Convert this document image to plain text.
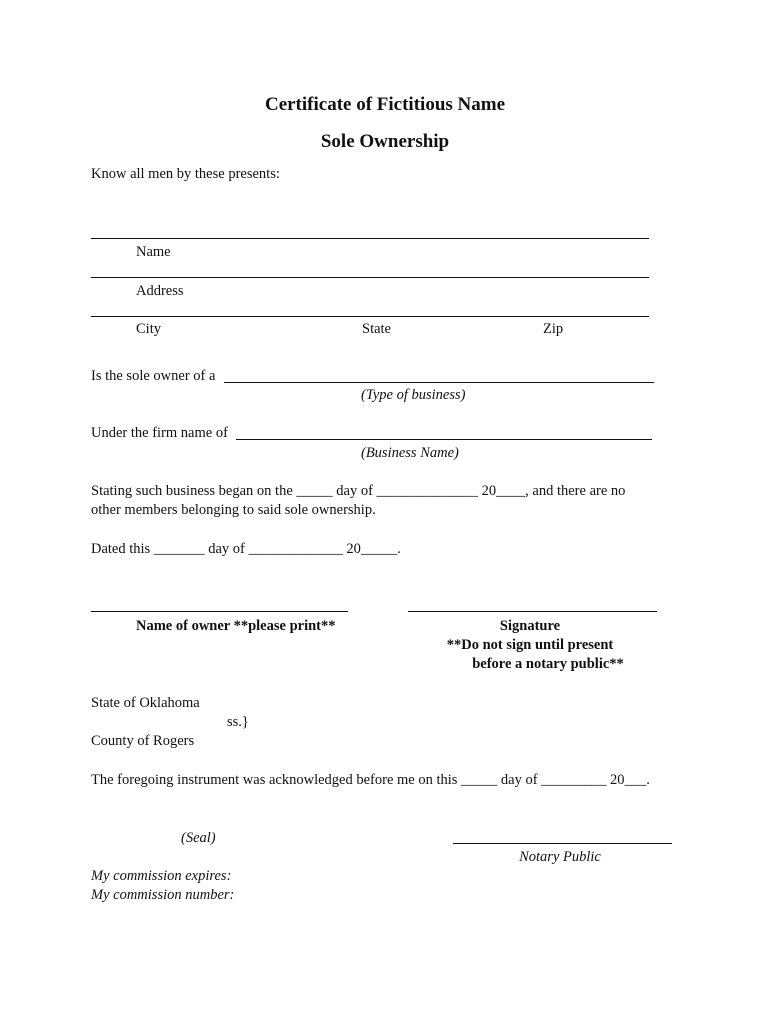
Certificate of Fictitious Name
Sole Ownership
Know all men by these presents:
Name
Address
City	State	Zip
Is the sole owner of a
(Type of business)
Under the firm name of
(Business Name)
Stating such business began on the _____ day of ______________ 20____, and there are no
other members belonging to said sole ownership.
Dated this _______ day of _____________ 20_____.
Name of owner **please print**	Signature
**Do not sign until present
before a notary public**
State of Oklahoma
ss.}
County of Rogers
The foregoing instrument was acknowledged before me on this _____ day of _________ 20___.
(Seal)
Notary Public
My commission expires:
My commission number:
